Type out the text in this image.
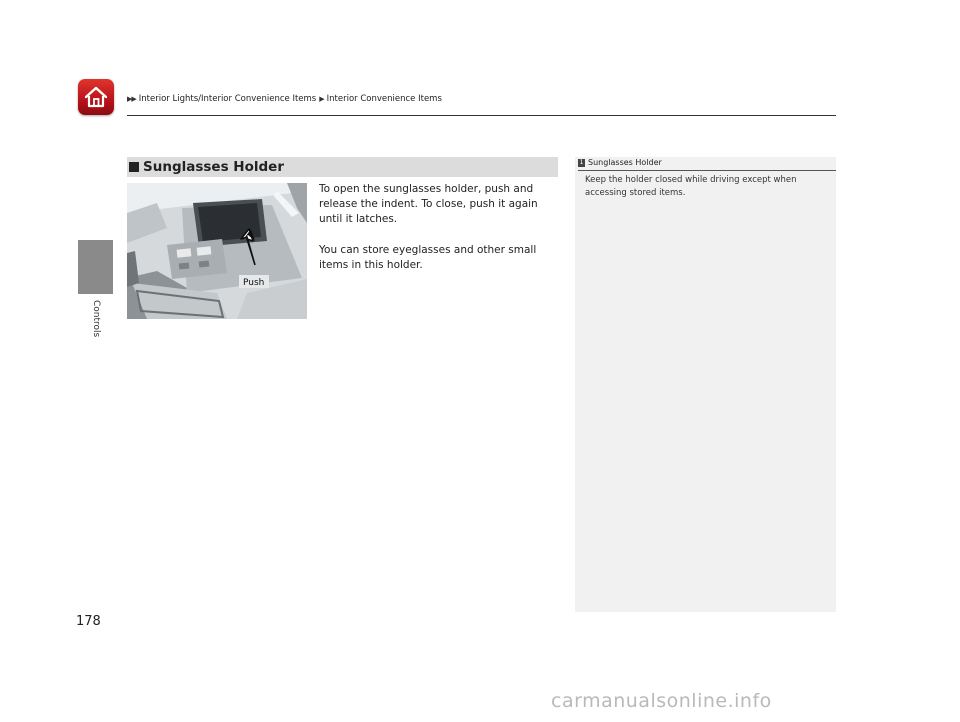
▶▶ Interior Lights/Interior Convenience Items ▶ Interior Convenience Items
Controls
Sunglasses Holder
Push

To open the sunglasses holder, push and release the indent. To close, push it again until it latches.

You can store eyeglasses and other small items in this holder.

1 Sunglasses Holder
Keep the holder closed while driving except when accessing stored items.
178
carmanualsonline.info
